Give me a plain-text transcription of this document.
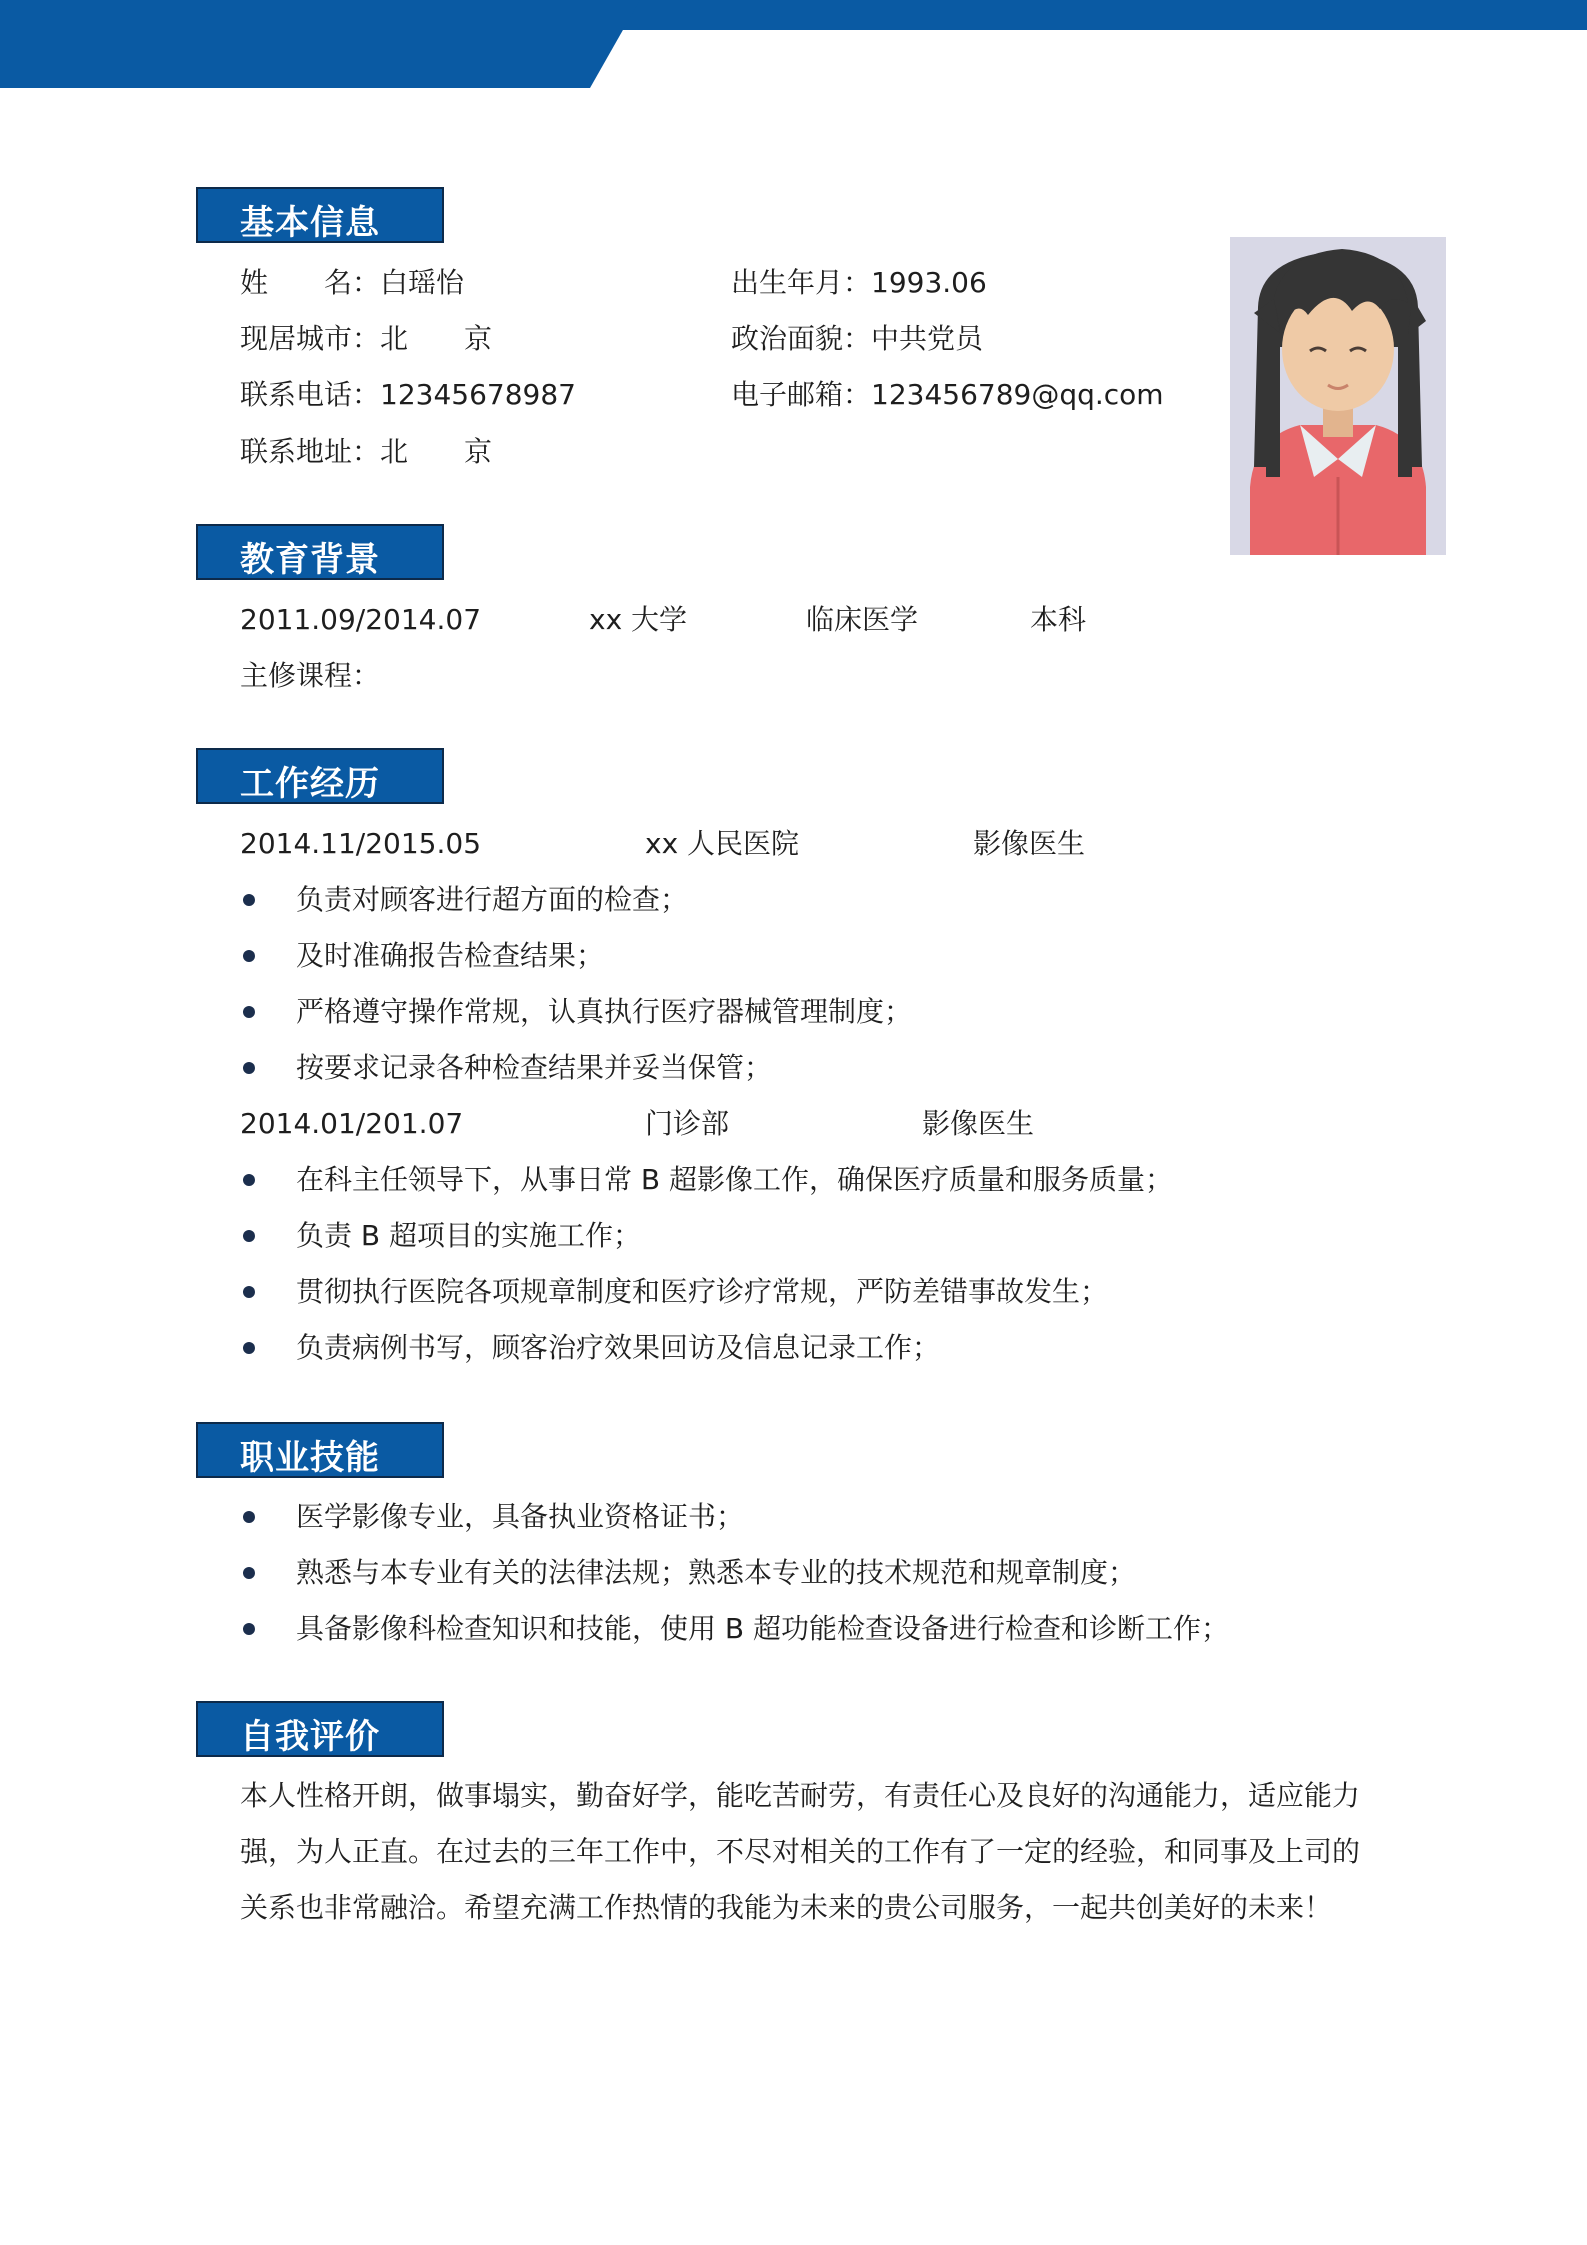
基本信息
姓　　名： 白瑶怡	出生年月： 1993.06
现居城市： 北　　京	政治面貌： 中共党员
联系电话： 12345678987	电子邮箱： 123456789@qq.com
联系地址： 北　　京
教育背景
2011.09/2014.07	xx 大学	临床医学	本科
主修课程：
工作经历
2014.11/2015.05	xx 人民医院	影像医生
负责对顾客进行超方面的检查；
及时准确报告检查结果；
严格遵守操作常规，认真执行医疗器械管理制度；
按要求记录各种检查结果并妥当保管；
2014.01/201.07	门诊部	影像医生
在科主任领导下，从事日常 B 超影像工作，确保医疗质量和服务质量；
负责 B 超项目的实施工作；
贯彻执行医院各项规章制度和医疗诊疗常规，严防差错事故发生；
负责病例书写，顾客治疗效果回访及信息记录工作；
职业技能
医学影像专业，具备执业资格证书；
熟悉与本专业有关的法律法规；熟悉本专业的技术规范和规章制度；
具备影像科检查知识和技能，使用 B 超功能检查设备进行检查和诊断工作；
自我评价
本人性格开朗，做事塌实，勤奋好学，能吃苦耐劳，有责任心及良好的沟通能力，适应能力强，为人正直。在过去的三年工作中，不尽对相关的工作有了一定的经验，和同事及上司的关系也非常融洽。希望充满工作热情的我能为未来的贵公司服务，一起共创美好的未来！
